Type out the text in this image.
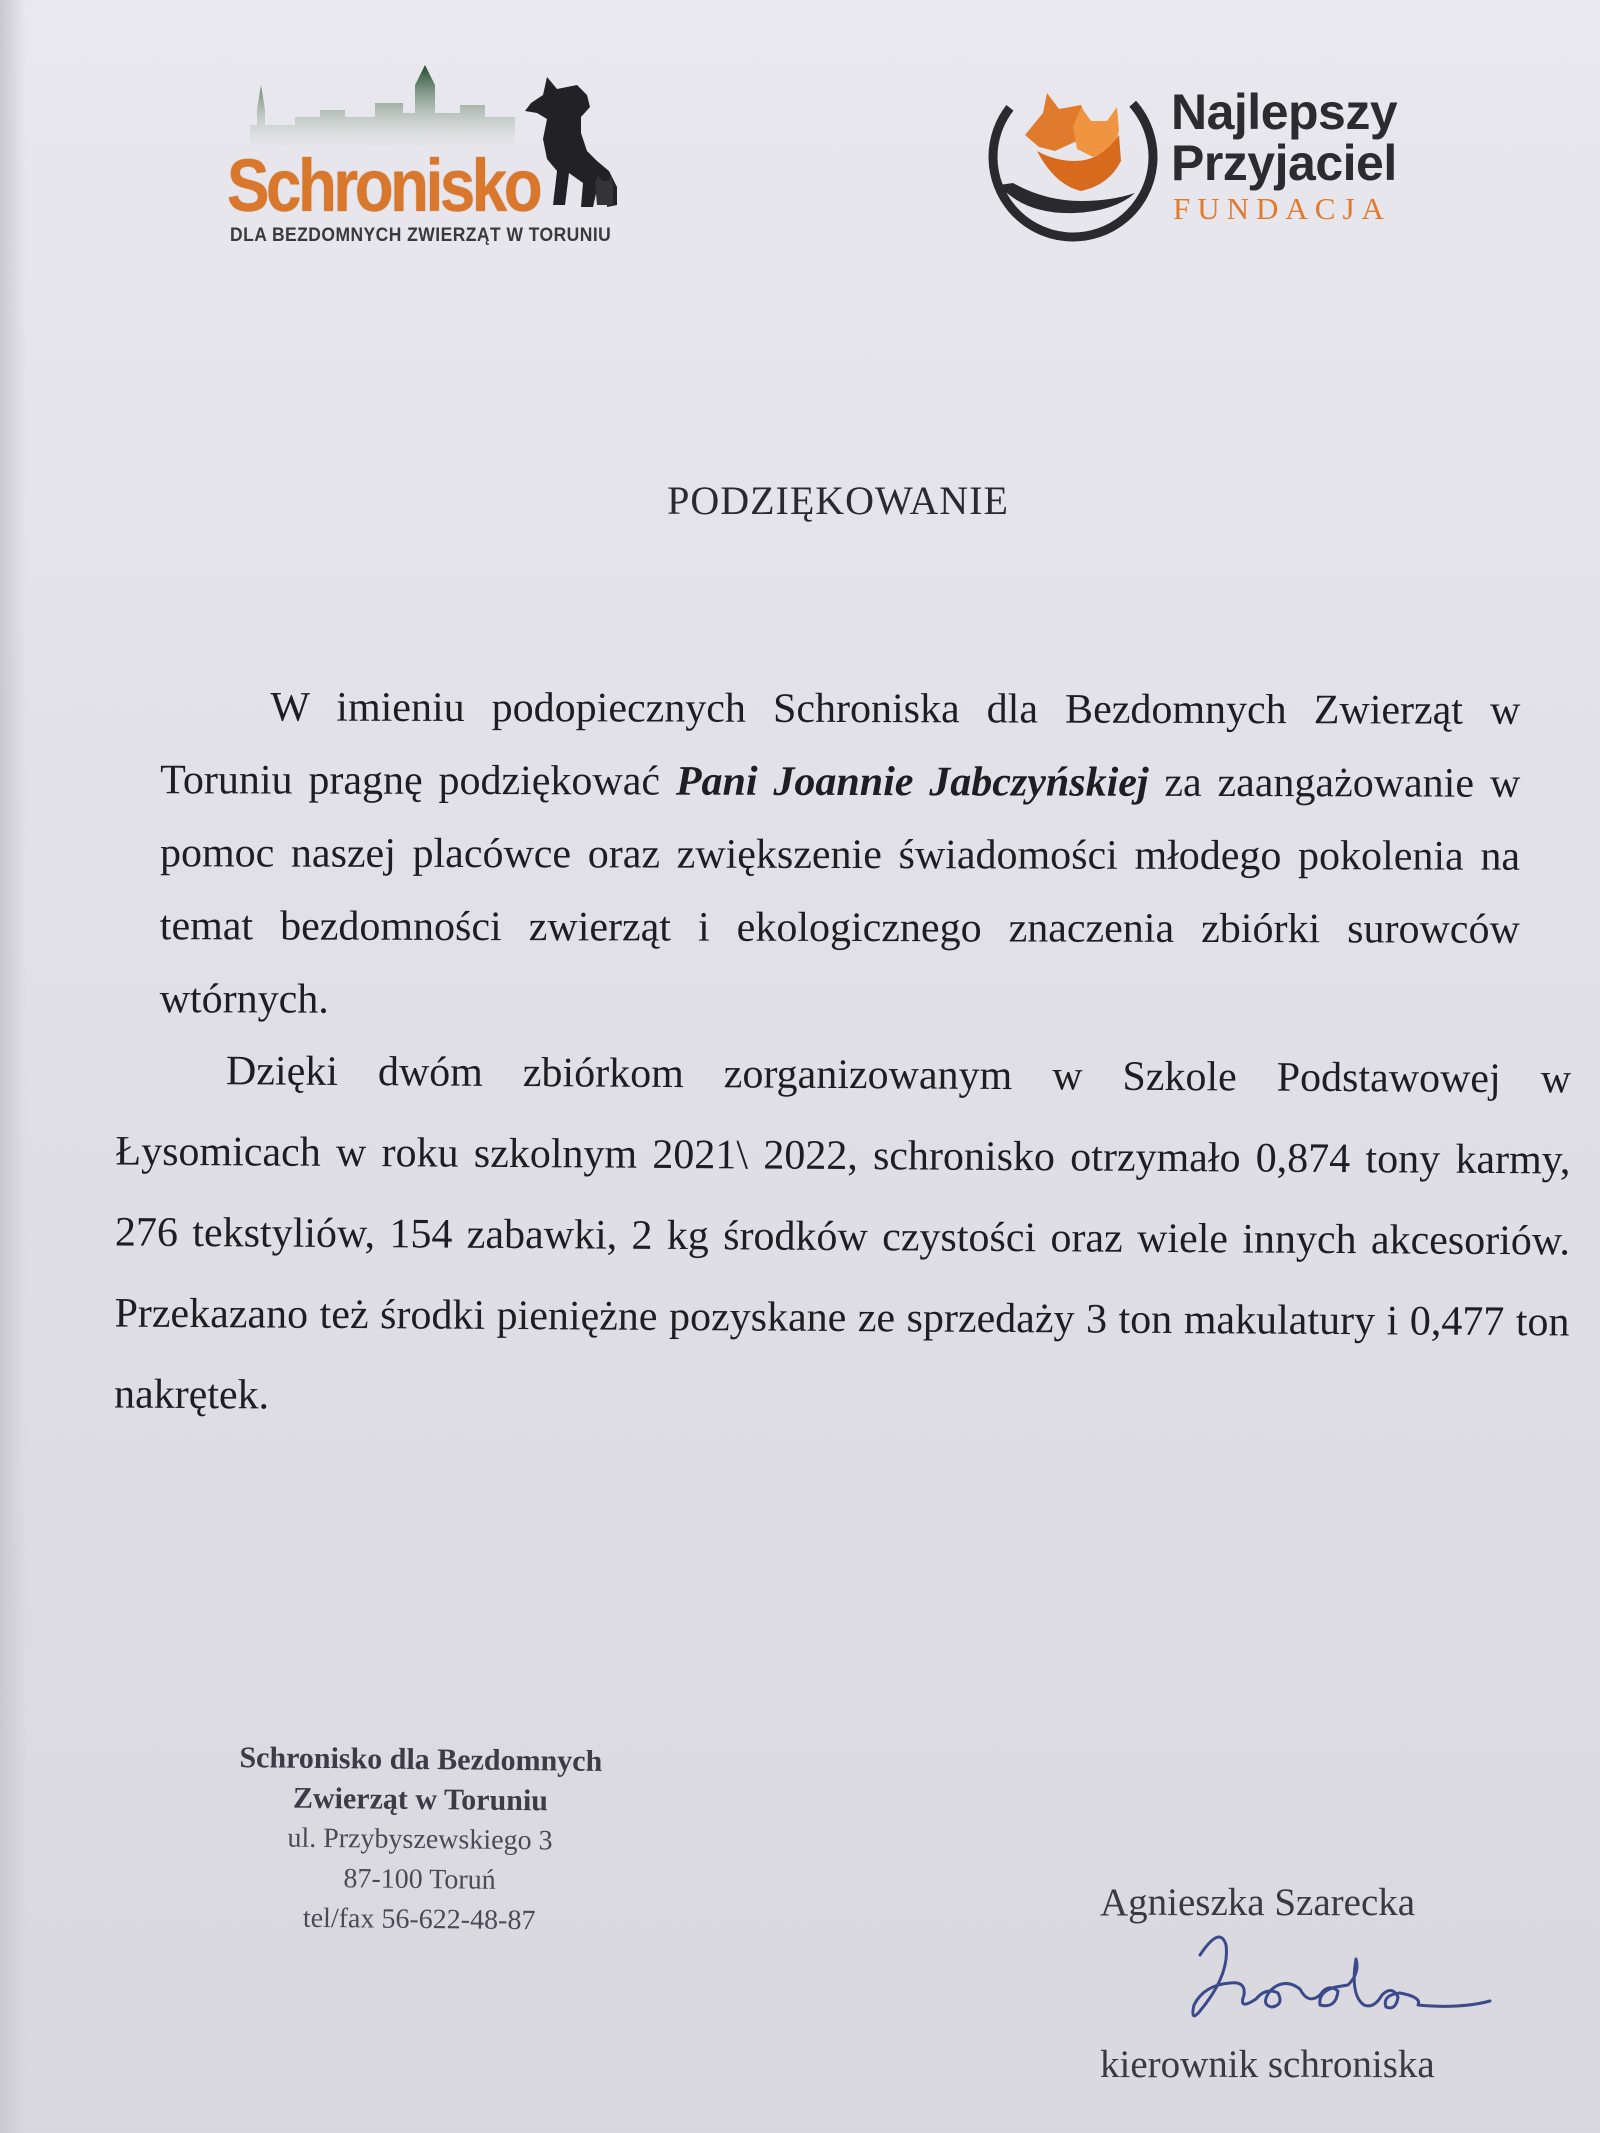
Schronisko
DLA BEZDOMNYCH ZWIERZĄT W TORUNIU
Najlepszy
Przyjaciel
FUNDACJA
PODZIĘKOWANIE

W imieniu podopiecznych Schroniska dla Bezdomnych Zwierząt w Toruniu pragnę podziękować Pani Joannie Jabczyńskiej za zaangażowanie w pomoc naszej placówce oraz zwiększenie świadomości młodego pokolenia na temat bezdomności zwierząt i ekologicznego znaczenia zbiórki surowców wtórnych.

Dzięki dwóm zbiórkom zorganizowanym w Szkole Podstawowej w Łysomicach w roku szkolnym 2021\ 2022, schronisko otrzymało 0,874 tony karmy, 276 tekstyliów, 154 zabawki, 2 kg środków czystości oraz wiele innych akcesoriów. Przekazano też środki pieniężne pozyskane ze sprzedaży 3 ton makulatury i 0,477 ton nakrętek.

Schronisko dla Bezdomnych
Zwierząt w Toruniu
ul. Przybyszewskiego 3
87-100 Toruń
tel/fax 56-622-48-87	Agnieszka Szarecka
kierownik schroniska
